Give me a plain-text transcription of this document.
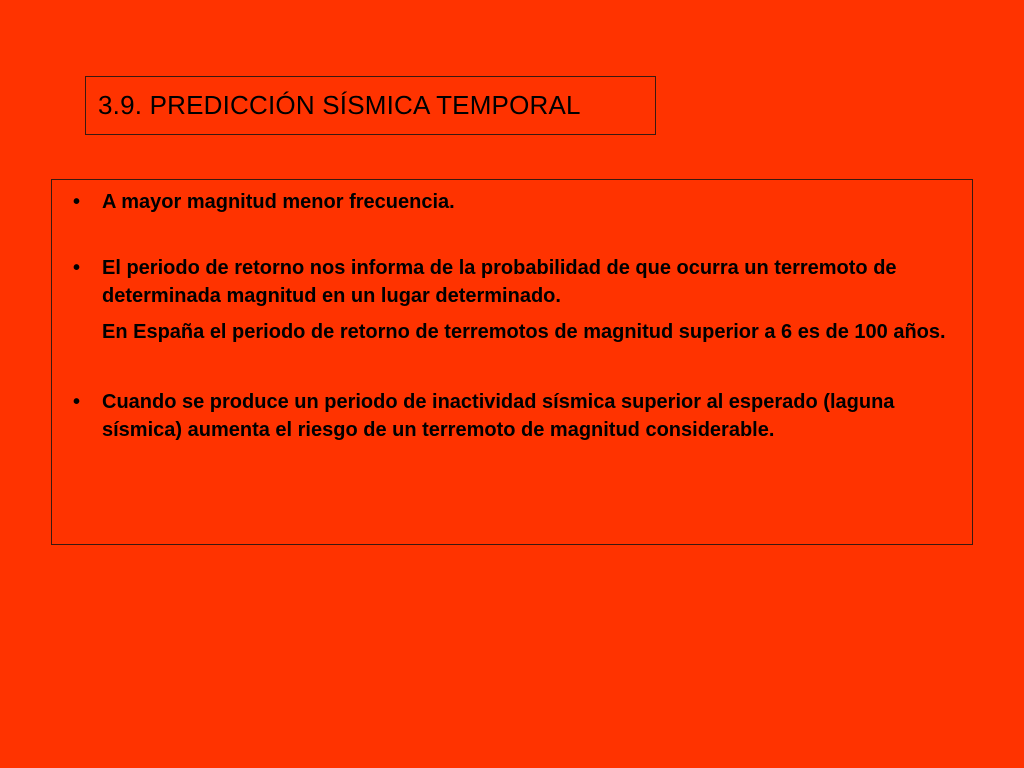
3.9. PREDICCIÓN SÍSMICA TEMPORAL
• A mayor magnitud menor frecuencia.
• El periodo de retorno nos informa de la probabilidad de que ocurra un terremoto de determinada magnitud en un lugar determinado.
En España el periodo de retorno de terremotos de magnitud superior a 6 es de 100 años.
• Cuando se produce un periodo de inactividad sísmica superior al esperado (laguna sísmica) aumenta el riesgo de un terremoto de magnitud considerable.
